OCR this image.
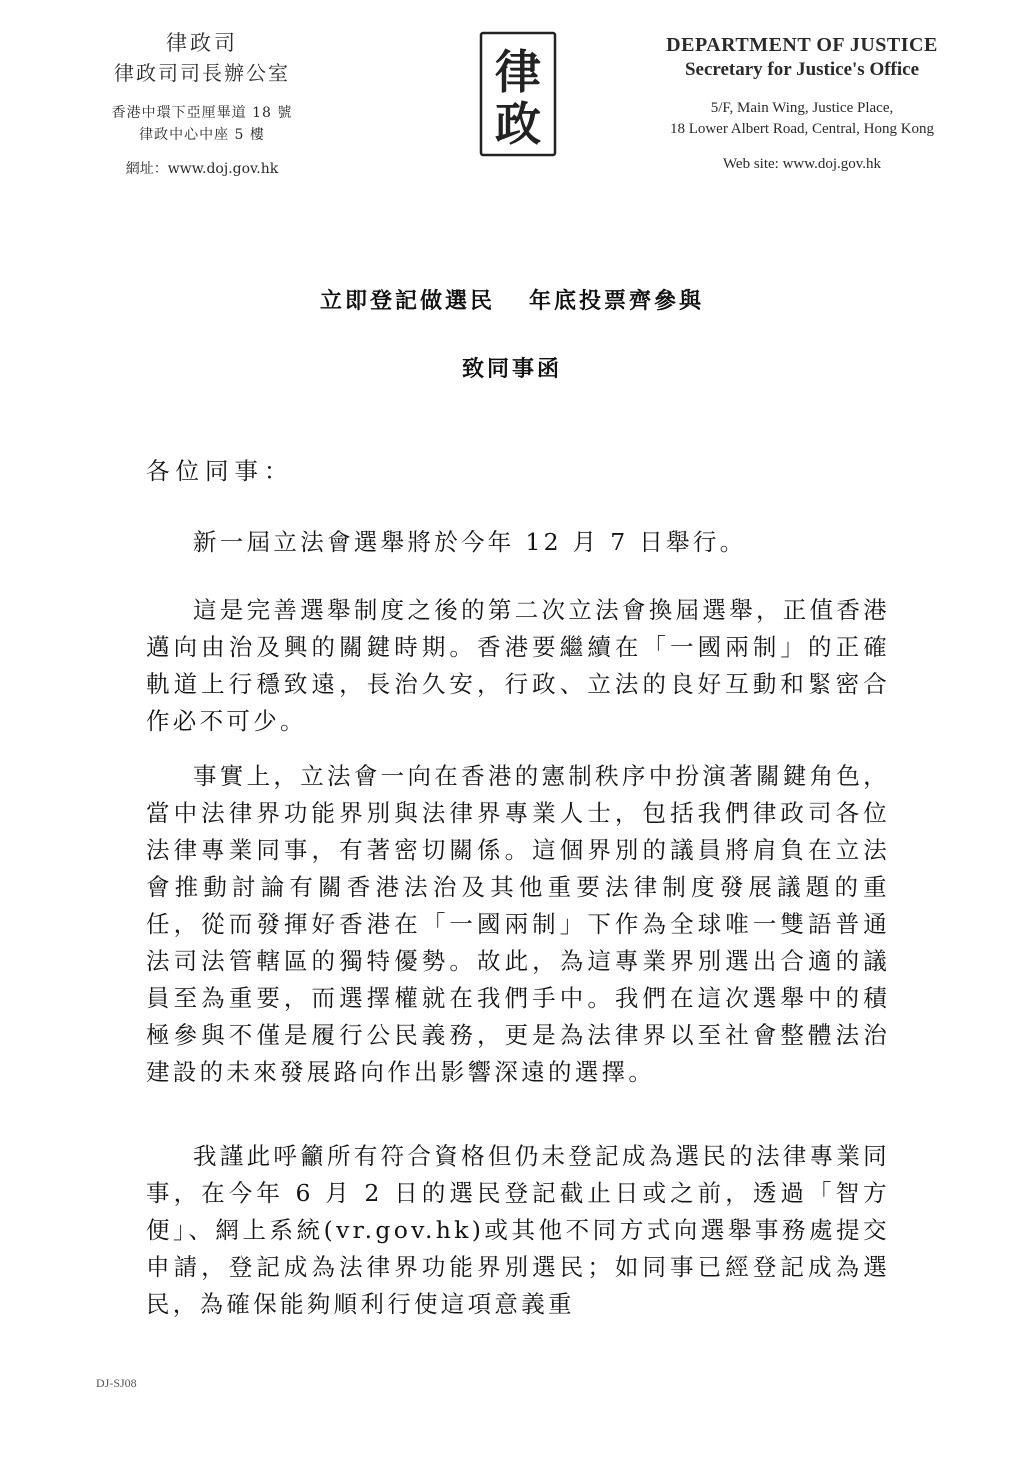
律政司
律政司司長辦公室
香港中環下亞厘畢道 18 號
律政中心中座 5 樓
網址：www.doj.gov.hk
律
政
DEPARTMENT OF JUSTICE
Secretary for Justice's Office
5/F, Main Wing, Justice Place,
18 Lower Albert Road, Central, Hong Kong
Web site: www.doj.gov.hk
立即登記做選民 年底投票齊參與
致同事函
各位同事：

新一屆立法會選舉將於今年 12 月 7 日舉行。

這是完善選舉制度之後的第二次立法會換屆選舉，正值香港邁向由治及興的關鍵時期。香港要繼續在「一國兩制」的正確軌道上行穩致遠，長治久安，行政、立法的良好互動和緊密合作必不可少。

事實上，立法會一向在香港的憲制秩序中扮演著關鍵角色，當中法律界功能界別與法律界專業人士，包括我們律政司各位法律專業同事，有著密切關係。這個界別的議員將肩負在立法會推動討論有關香港法治及其他重要法律制度發展議題的重任，從而發揮好香港在「一國兩制」下作為全球唯一雙語普通法司法管轄區的獨特優勢。故此，為這專業界別選出合適的議員至為重要，而選擇權就在我們手中。我們在這次選舉中的積極參與不僅是履行公民義務，更是為法律界以至社會整體法治建設的未來發展路向作出影響深遠的選擇。

我謹此呼籲所有符合資格但仍未登記成為選民的法律專業同事，在今年 6 月 2 日的選民登記截止日或之前，透過「智方便」、網上系統(vr.gov.hk)或其他不同方式向選舉事務處提交申請，登記成為法律界功能界別選民；如同事已經登記成為選民，為確保能夠順利行使這項意義重

DJ-SJ08
